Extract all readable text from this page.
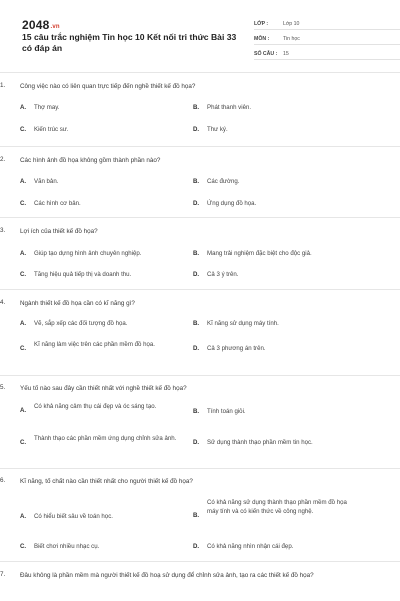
2048.vn
15 câu trắc nghiệm Tin học 10 Kết nối tri thức Bài 33 có đáp án
LỚP :	Lớp 10
MÔN :	Tin học
SỐ CÂU :	15
1. Công việc nào có liên quan trực tiếp đến nghề thiết kế đồ họa?
A. Thợ may.	B. Phát thanh viên.
C. Kiến trúc sư.	D. Thư ký.
2. Các hình ảnh đồ họa không gồm thành phần nào?
A. Văn bản.	B. Các đường.
C. Các hình cơ bản.	D. Ứng dụng đồ họa.
3. Lợi ích của thiết kế đồ họa?
A. Giúp tạo dựng hình ảnh chuyên nghiệp.	B. Mang trải nghiệm đặc biệt cho độc giả.
C. Tăng hiệu quả tiếp thị và doanh thu.	D. Cả 3 ý trên.
4. Ngành thiết kế đồ họa cần có kĩ năng gì?
A. Vẽ, sắp xếp các đối tượng đồ họa.	B. Kĩ năng sử dụng máy tính.
C.
Kĩ năng làm việc trên các phần mềm đồ họa.
D. Cả 3 phương án trên.
5. Yếu tố nào sau đây cần thiết nhất với nghề thiết kế đồ họa?
A.
Có khả năng cảm thụ cái đẹp và óc sáng tạo.
B. Tính toán giỏi.
C.
Thành thạo các phần mềm ứng dụng chỉnh sửa ảnh.
D. Sử dụng thành thạo phần mềm tin học.
6. Kĩ năng, tố chất nào cần thiết nhất cho người thiết kế đồ họa?
A. Có hiểu biết sâu về toán học.	B.
Có khả năng sử dụng thành thạo phần mềm đồ họa máy tính và có kiến thức về công nghệ.
C. Biết chơi nhiều nhạc cụ.	D. Có khả năng nhìn nhận cái đẹp.
7. Đâu không là phần mềm mà người thiết kế đồ hoạ sử dụng để chỉnh sửa ảnh, tạo ra các thiết kế đồ họa?
